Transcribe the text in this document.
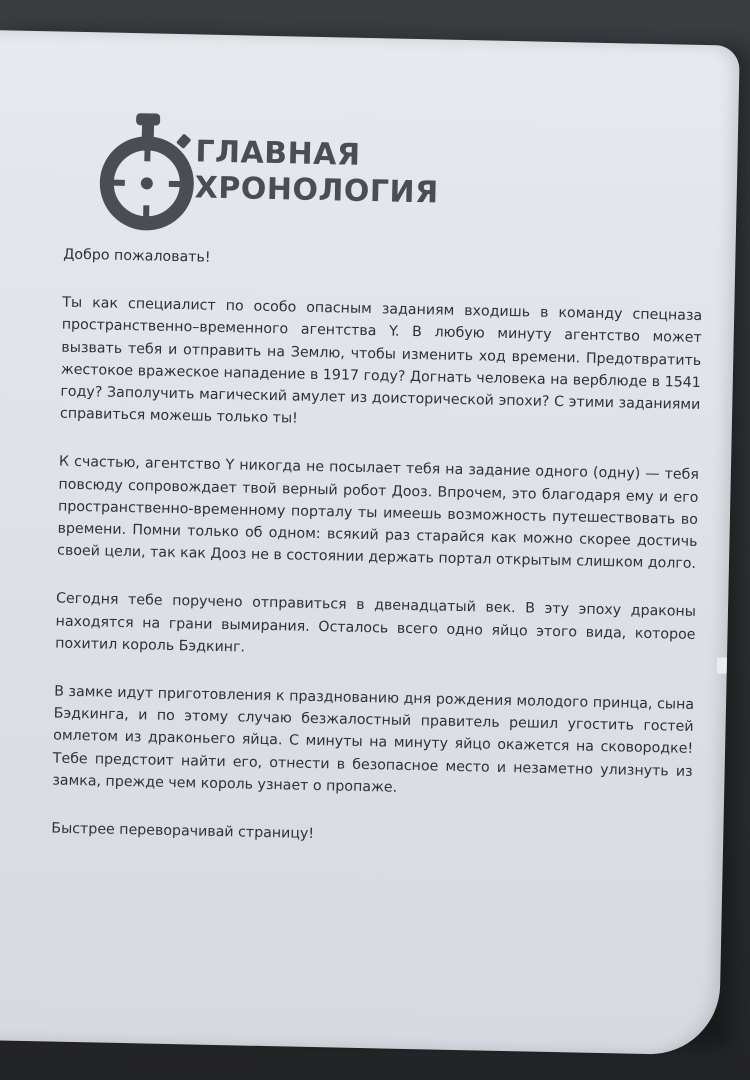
ГЛАВНАЯ
ХРОНОЛОГИЯ

Добро пожаловать!

Ты как специалист по особо опасным заданиям входишь в команду спецназа пространственно–временного агентства Y. В любую минуту агентство может вызвать тебя и отправить на Землю, чтобы изменить ход времени. Предотвратить жестокое вражеское нападение в 1917 году? Догнать человека на верблюде в 1541 году? Заполучить магический амулет из доисторической эпохи? С этими заданиями справиться можешь только ты!

К счастью, агентство Y никогда не посылает тебя на задание одного (одну) — тебя повсюду сопровождает твой верный робот Дооз. Впрочем, это благодаря ему и его пространственно-временному порталу ты имеешь возможность путешествовать во времени. Помни только об одном: всякий раз старайся как можно скорее достичь своей цели, так как Дооз не в состоянии держать портал открытым слишком долго.

Сегодня тебе поручено отправиться в двенадцатый век. В эту эпоху драконы находятся на грани вымирания. Осталось всего одно яйцо этого вида, которое похитил король Бэдкинг.

В замке идут приготовления к празднованию дня рождения молодого принца, сына Бэдкинга, и по этому случаю безжалостный правитель решил угостить гостей омлетом из драконьего яйца. С минуты на минуту яйцо окажется на сковородке! Тебе предстоит найти его, отнести в безопасное место и незаметно улизнуть из замка, прежде чем король узнает о пропаже.

Быстрее переворачивай страницу!
